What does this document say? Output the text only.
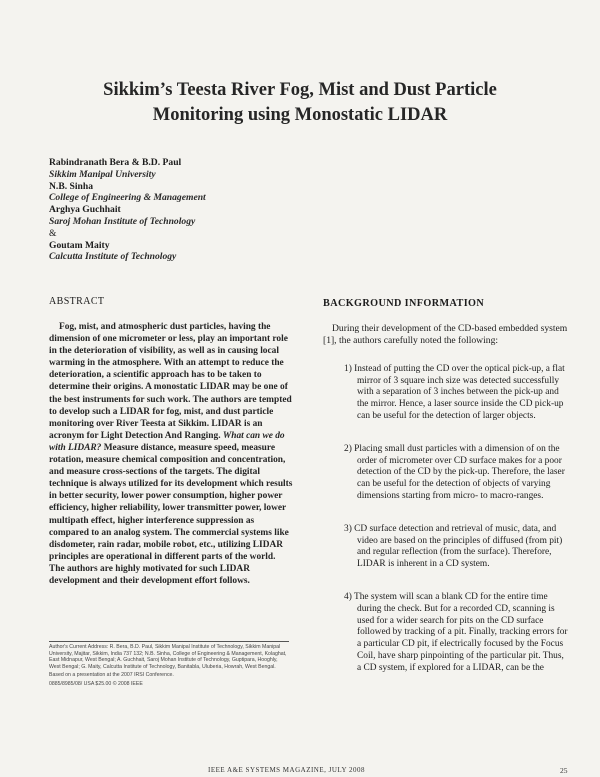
Sikkim’s Teesta River Fog, Mist and Dust Particle
Monitoring using Monostatic LIDAR
Rabindranath Bera & B.D. Paul
Sikkim Manipal University
N.B. Sinha
College of Engineering & Management
Arghya Guchhait
Saroj Mohan Institute of Technology
&
Goutam Maity
Calcutta Institute of Technology
ABSTRACT

Fog, mist, and atmospheric dust particles, having the dimension of one micrometer or less, play an important role in the deterioration of visibility, as well as in causing local warming in the atmosphere. With an attempt to reduce the deterioration, a scientific approach has to be taken to determine their origins. A monostatic LIDAR may be one of the best instruments for such work. The authors are tempted to develop such a LIDAR for fog, mist, and dust particle monitoring over River Teesta at Sikkim. LIDAR is an acronym for Light Detection And Ranging. What can we do with LIDAR? Measure distance, measure speed, measure rotation, measure chemical composition and concentration, and measure cross-sections of the targets. The digital technique is always utilized for its development which results in better security, lower power consumption, higher power efficiency, higher reliability, lower transmitter power, lower multipath effect, higher interference suppression as compared to an analog system. The commercial systems like disdometer, rain radar, mobile robot, etc., utilizing LIDAR principles are operational in different parts of the world. The authors are highly motivated for such LIDAR development and their development effort follows.

Author's Current Address: R. Bera, B.D. Paul, Sikkim Manipal Institute of Technology, Sikkim Manipal University, Majitar, Sikkim, India 737 132; N.B. Sinha, College of Engineering & Management, Kolaghat, East Midnapur, West Bengal; A. Guchhait, Saroj Mohan Institute of Technology, Guptipara, Hooghly, West Bengal; G. Maity, Calcutta Institute of Technology, Banitabla, Uluberia, Howrah, West Bengal.

Based on a presentation at the 2007 IRSI Conference.

0885/8985/08/ USA $25.00 © 2008 IEEE

BACKGROUND INFORMATION

During their development of the CD-based embedded system [1], the authors carefully noted the following:

1) Instead of putting the CD over the optical pick-up, a flat mirror of 3 square inch size was detected successfully with a separation of 3 inches between the pick-up and the mirror. Hence, a laser source inside the CD pick-up can be useful for the detection of larger objects.
2) Placing small dust particles with a dimension of on the order of micrometer over CD surface makes for a poor detection of the CD by the pick-up. Therefore, the laser can be useful for the detection of objects of varying dimensions starting from micro- to macro-ranges.
3) CD surface detection and retrieval of music, data, and video are based on the principles of diffused (from pit) and regular reflection (from the surface). Therefore, LIDAR is inherent in a CD system.
4) The system will scan a blank CD for the entire time during the check. But for a recorded CD, scanning is used for a wider search for pits on the CD surface followed by tracking of a pit. Finally, tracking errors for a particular CD pit, if electrically focused by the Focus Coil, have sharp pinpointing of the particular pit. Thus, a CD system, if explored for a LIDAR, can be the
IEEE A&E SYSTEMS MAGAZINE, JULY 2008	25
